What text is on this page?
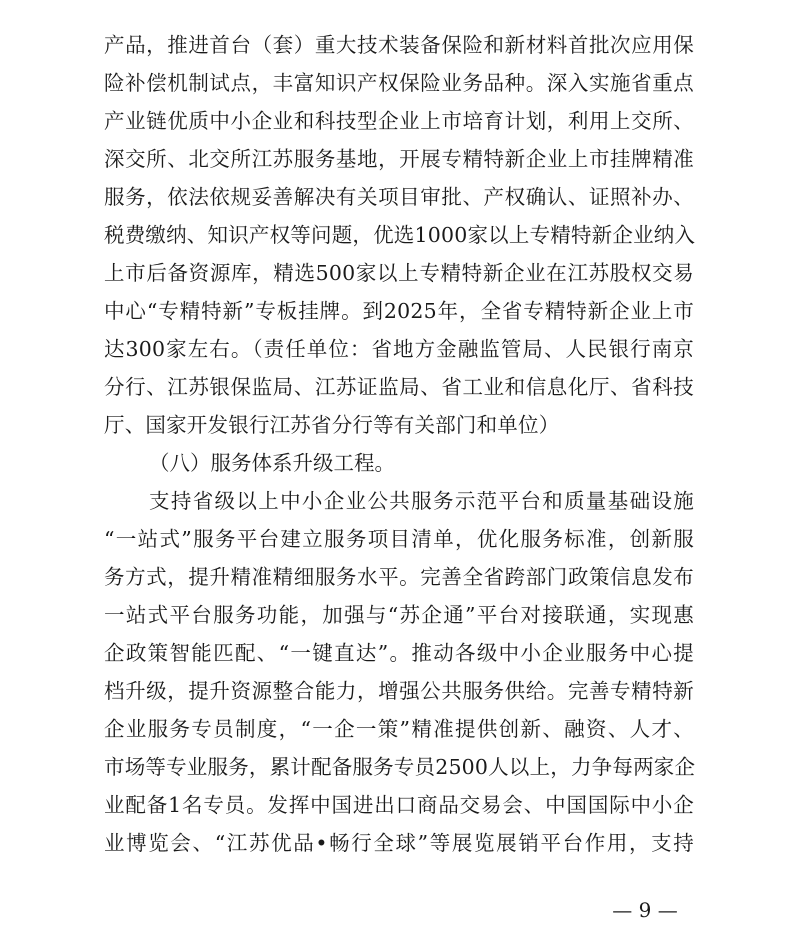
产品，推进首台（套）重大技术装备保险和新材料首批次应用保
险补偿机制试点，丰富知识产权保险业务品种。深入实施省重点
产业链优质中小企业和科技型企业上市培育计划，利用上交所、
深交所、北交所江苏服务基地，开展专精特新企业上市挂牌精准
服务，依法依规妥善解决有关项目审批、产权确认、证照补办、
税费缴纳、知识产权等问题，优选1000家以上专精特新企业纳入
上市后备资源库，精选500家以上专精特新企业在江苏股权交易
中心“专精特新”专板挂牌。到2025年，全省专精特新企业上市
达300家左右。（责任单位：省地方金融监管局、人民银行南京
分行、江苏银保监局、江苏证监局、省工业和信息化厅、省科技
厅、国家开发银行江苏省分行等有关部门和单位）
（八）服务体系升级工程。
支持省级以上中小企业公共服务示范平台和质量基础设施
“一站式”服务平台建立服务项目清单，优化服务标准，创新服
务方式，提升精准精细服务水平。完善全省跨部门政策信息发布
一站式平台服务功能，加强与“苏企通”平台对接联通，实现惠
企政策智能匹配、“一键直达”。推动各级中小企业服务中心提
档升级，提升资源整合能力，增强公共服务供给。完善专精特新
企业服务专员制度，“一企一策”精准提供创新、融资、人才、
市场等专业服务，累计配备服务专员2500人以上，力争每两家企
业配备1名专员。发挥中国进出口商品交易会、中国国际中小企
业博览会、“江苏优品•畅行全球”等展览展销平台作用，支持
— 9 —
